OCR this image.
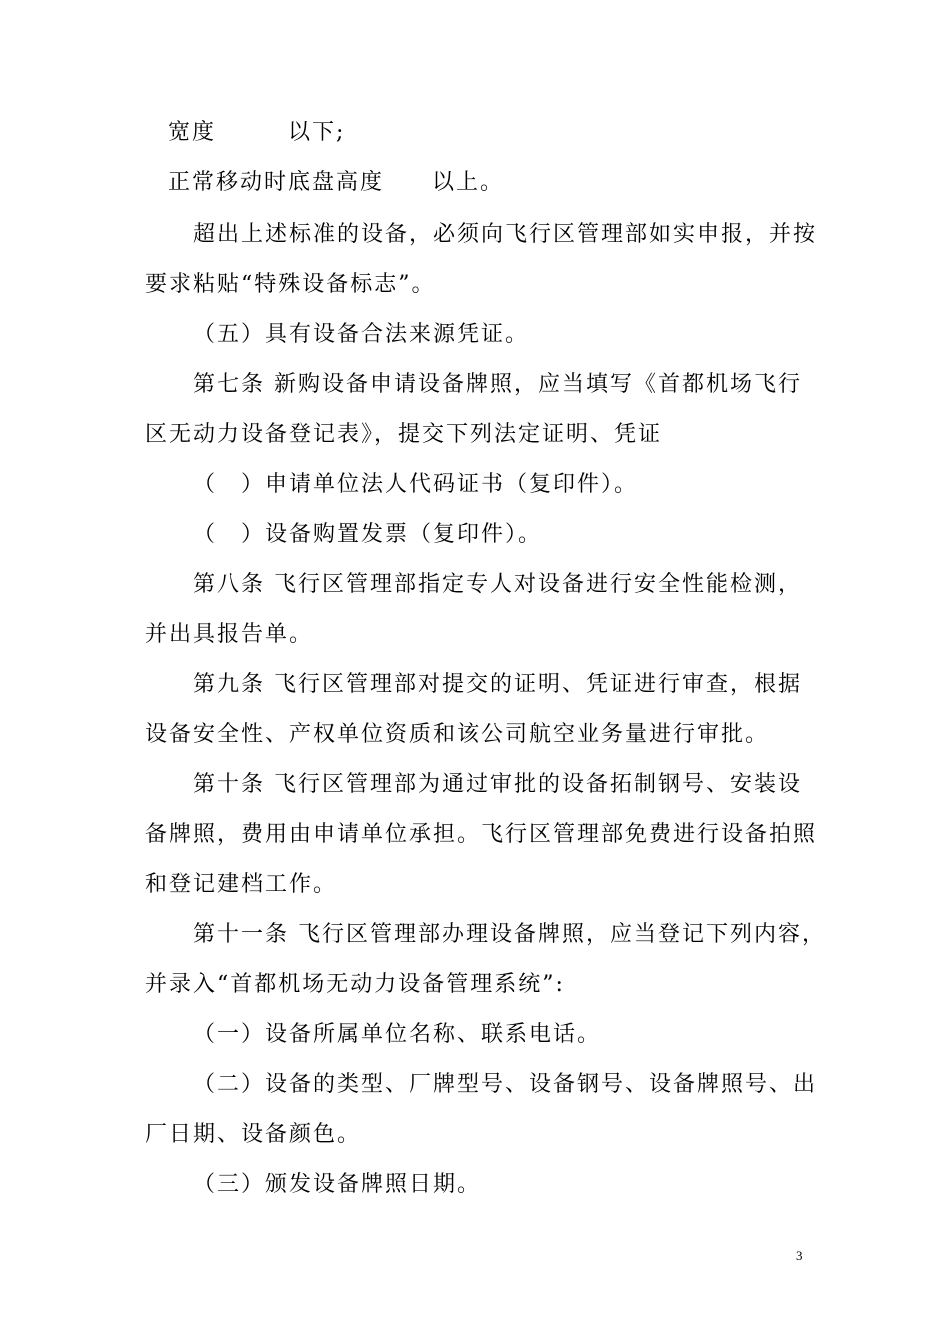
宽度　　　以下;
正常移动时底盘高度　　以上。
超出上述标准的设备，必须向飞行区管理部如实申报，并按
要求粘贴“特殊设备标志”。
（五）具有设备合法来源凭证。
第七条 新购设备申请设备牌照，应当填写《首都机场飞行
区无动力设备登记表》，提交下列法定证明、凭证
（　）申请单位法人代码证书（复印件）。
（　）设备购置发票（复印件）。
第八条 飞行区管理部指定专人对设备进行安全性能检测，
并出具报告单。
第九条 飞行区管理部对提交的证明、凭证进行审查，根据
设备安全性、产权单位资质和该公司航空业务量进行审批。
第十条 飞行区管理部为通过审批的设备拓制钢号、安装设
备牌照，费用由申请单位承担。飞行区管理部免费进行设备拍照
和登记建档工作。
第十一条 飞行区管理部办理设备牌照，应当登记下列内容，
并录入“首都机场无动力设备管理系统”:
（一）设备所属单位名称、联系电话。
（二）设备的类型、厂牌型号、设备钢号、设备牌照号、出
厂日期、设备颜色。
（三）颁发设备牌照日期。
3
